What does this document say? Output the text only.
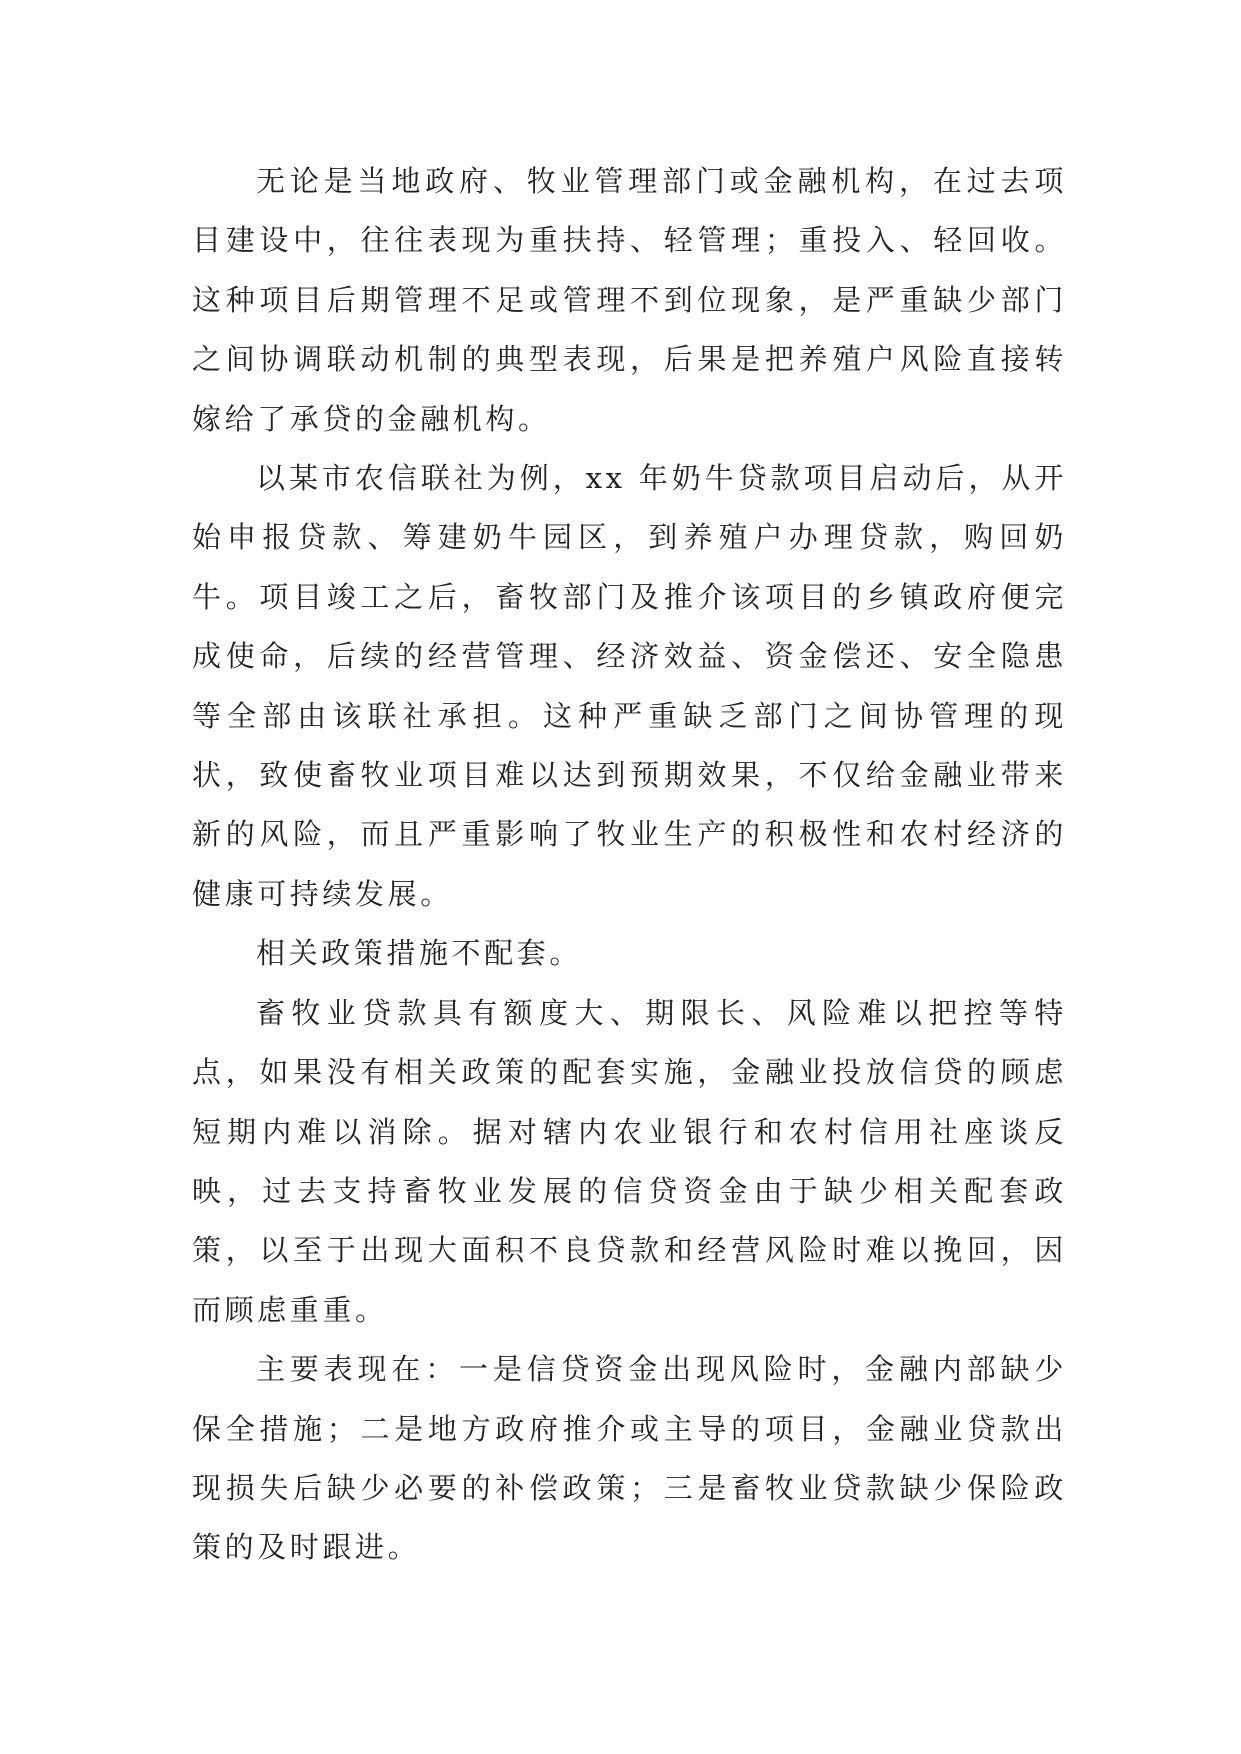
无论是当地政府、牧业管理部门或金融机构，在过去项目建设中，往往表现为重扶持、轻管理；重投入、轻回收。这种项目后期管理不足或管理不到位现象，是严重缺少部门之间协调联动机制的典型表现，后果是把养殖户风险直接转嫁给了承贷的金融机构。

以某市农信联社为例，xx 年奶牛贷款项目启动后，从开始申报贷款、筹建奶牛园区，到养殖户办理贷款，购回奶牛。项目竣工之后，畜牧部门及推介该项目的乡镇政府便完成使命，后续的经营管理、经济效益、资金偿还、安全隐患等全部由该联社承担。这种严重缺乏部门之间协管理的现状，致使畜牧业项目难以达到预期效果，不仅给金融业带来新的风险，而且严重影响了牧业生产的积极性和农村经济的健康可持续发展。

相关政策措施不配套。

畜牧业贷款具有额度大、期限长、风险难以把控等特点，如果没有相关政策的配套实施，金融业投放信贷的顾虑短期内难以消除。据对辖内农业银行和农村信用社座谈反映，过去支持畜牧业发展的信贷资金由于缺少相关配套政策，以至于出现大面积不良贷款和经营风险时难以挽回，因而顾虑重重。

主要表现在：一是信贷资金出现风险时，金融内部缺少保全措施；二是地方政府推介或主导的项目，金融业贷款出现损失后缺少必要的补偿政策；三是畜牧业贷款缺少保险政策的及时跟进。
